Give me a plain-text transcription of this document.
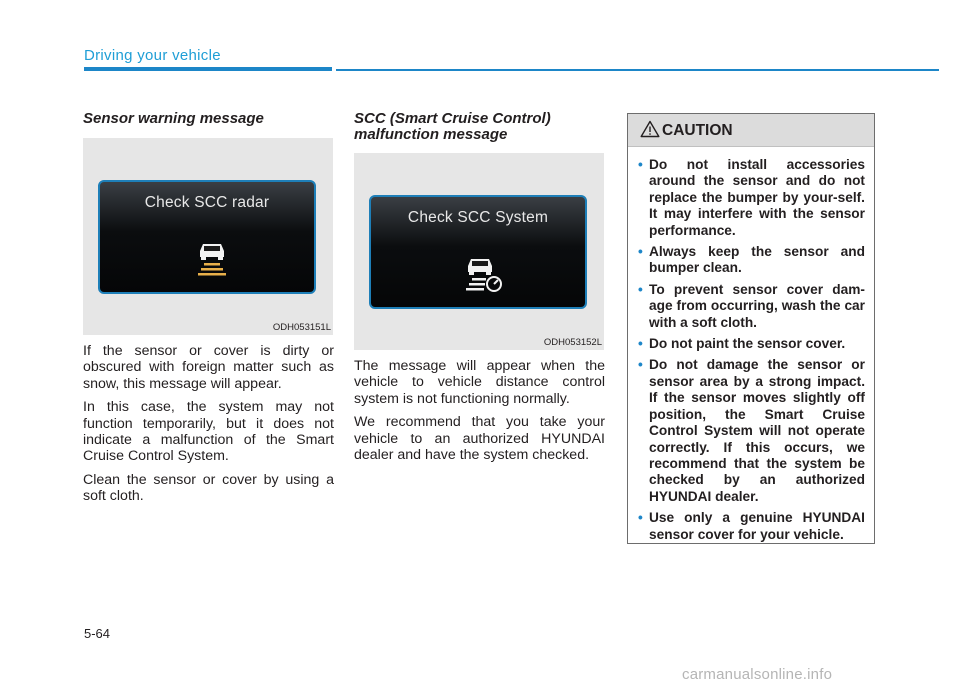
Driving your vehicle
Sensor warning message
Check SCC radar
ODH053151L

If the sensor or cover is dirty or obscured with foreign matter such as snow, this message will appear.

In this case, the system may not function temporarily, but it does not indicate a malfunction of the Smart Cruise Control System.

Clean the sensor or cover by using a soft cloth.

SCC (Smart Cruise Control) malfunction message
Check SCC System
ODH053152L

The message will appear when the vehicle to vehicle distance control system is not functioning normally.

We recommend that you take your vehicle to an authorized HYUNDAI dealer and have the system checked.

CAUTION
• Do not install accessories around the sensor and do not replace the bumper by your-self. It may interfere with the sensor performance.
• Always keep the sensor and bumper clean.
• To prevent sensor cover dam-age from occurring, wash the car with a soft cloth.
• Do not paint the sensor cover.
• Do not damage the sensor or sensor area by a strong impact. If the sensor moves slightly off position, the Smart Cruise Control System will not operate correctly. If this occurs, we recommend that the system be checked by an authorized HYUNDAI dealer.
• Use only a genuine HYUNDAI sensor cover for your vehicle.
5-64
carmanualsonline.info
